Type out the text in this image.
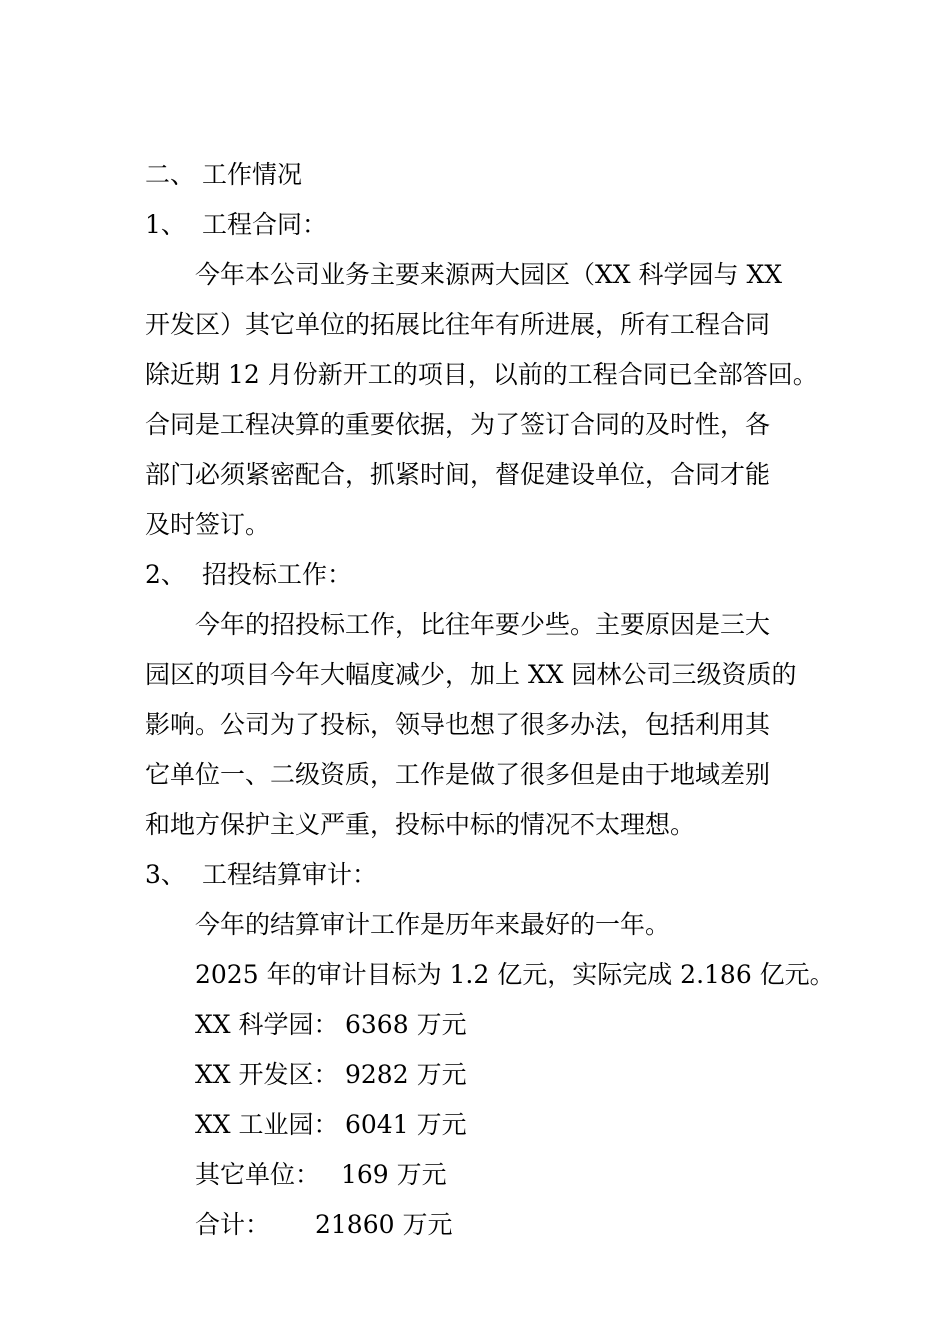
二、 工作情况
1、 工程合同：
今年本公司业务主要来源两大园区（XX 科学园与 XX
开发区）其它单位的拓展比往年有所进展，所有工程合同
除近期 12 月份新开工的项目，以前的工程合同已全部答回。
合同是工程决算的重要依据，为了签订合同的及时性，各
部门必须紧密配合，抓紧时间，督促建设单位，合同才能
及时签订。
2、 招投标工作：
今年的招投标工作，比往年要少些。主要原因是三大
园区的项目今年大幅度减少，加上 XX 园林公司三级资质的
影响。公司为了投标，领导也想了很多办法，包括利用其
它单位一、二级资质，工作是做了很多但是由于地域差别
和地方保护主义严重，投标中标的情况不太理想。
3、 工程结算审计：
今年的结算审计工作是历年来最好的一年。
2025 年的审计目标为 1.2 亿元，实际完成 2.186 亿元。
XX 科学园： 6368 万元
XX 开发区： 9282 万元
XX 工业园： 6041 万元
其它单位： 169 万元
合计： 21860 万元
